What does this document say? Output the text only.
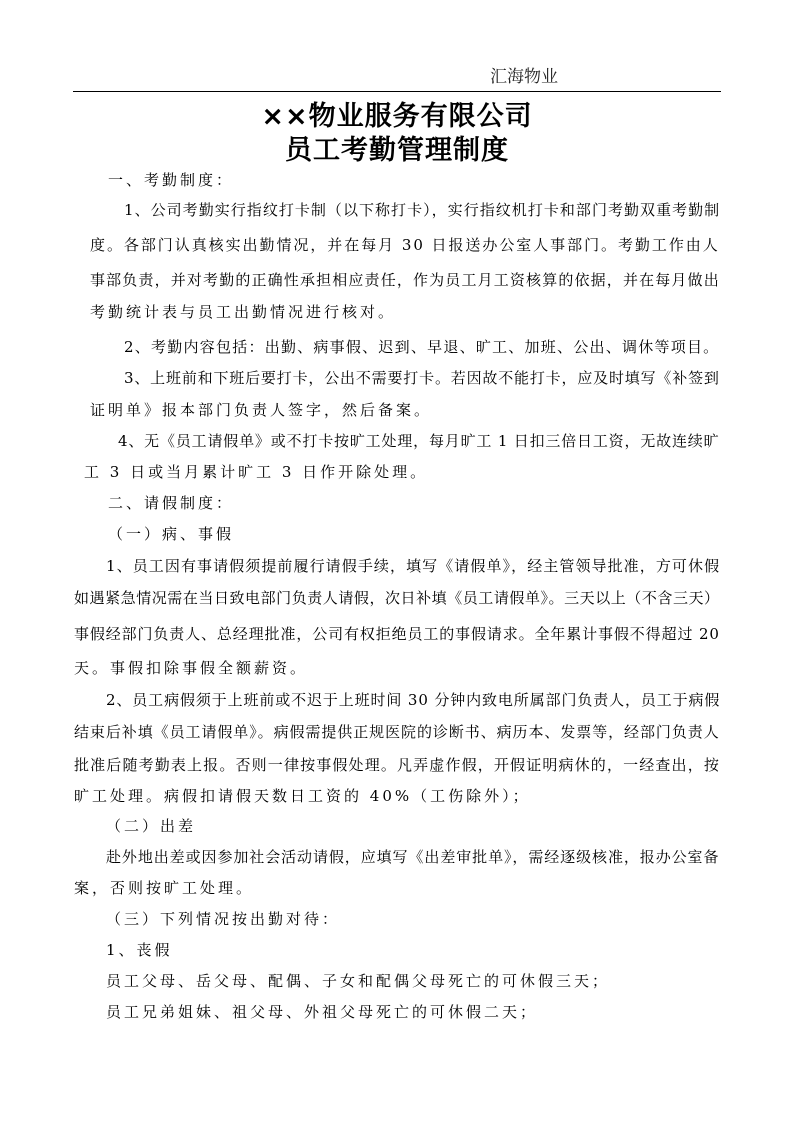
汇海物业
××物业服务有限公司
员工考勤管理制度
一、考勤制度：
1、公司考勤实行指纹打卡制（以下称打卡），实行指纹机打卡和部门考勤双重考勤制
度。各部门认真核实出勤情况，并在每月 30 日报送办公室人事部门。考勤工作由人
事部负责，并对考勤的正确性承担相应责任，作为员工月工资核算的依据，并在每月做出
考勤统计表与员工出勤情况进行核对。
2、考勤内容包括：出勤、病事假、迟到、早退、旷工、加班、公出、调休等项目。
3、上班前和下班后要打卡，公出不需要打卡。若因故不能打卡，应及时填写《补签到
证明单》报本部门负责人签字，然后备案。
4、无《员工请假单》或不打卡按旷工处理，每月旷工 1 日扣三倍日工资，无故连续旷
工 3 日或当月累计旷工 3 日作开除处理。
二、请假制度：
（一）病、事假
1、员工因有事请假须提前履行请假手续，填写《请假单》，经主管领导批准，方可休假
如遇紧急情况需在当日致电部门负责人请假，次日补填《员工请假单》。三天以上（不含三天）
事假经部门负责人、总经理批准，公司有权拒绝员工的事假请求。全年累计事假不得超过 20
天。事假扣除事假全额薪资。
2、员工病假须于上班前或不迟于上班时间 30 分钟内致电所属部门负责人，员工于病假
结束后补填《员工请假单》。病假需提供正规医院的诊断书、病历本、发票等，经部门负责人
批准后随考勤表上报。否则一律按事假处理。凡弄虚作假，开假证明病休的，一经查出，按
旷工处理。病假扣请假天数日工资的 40%（工伤除外）；
（二）出差
赴外地出差或因参加社会活动请假，应填写《出差审批单》，需经逐级核准，报办公室备
案，否则按旷工处理。
（三）下列情况按出勤对待：
1、丧假
员工父母、岳父母、配偶、子女和配偶父母死亡的可休假三天；
员工兄弟姐妹、祖父母、外祖父母死亡的可休假二天；
